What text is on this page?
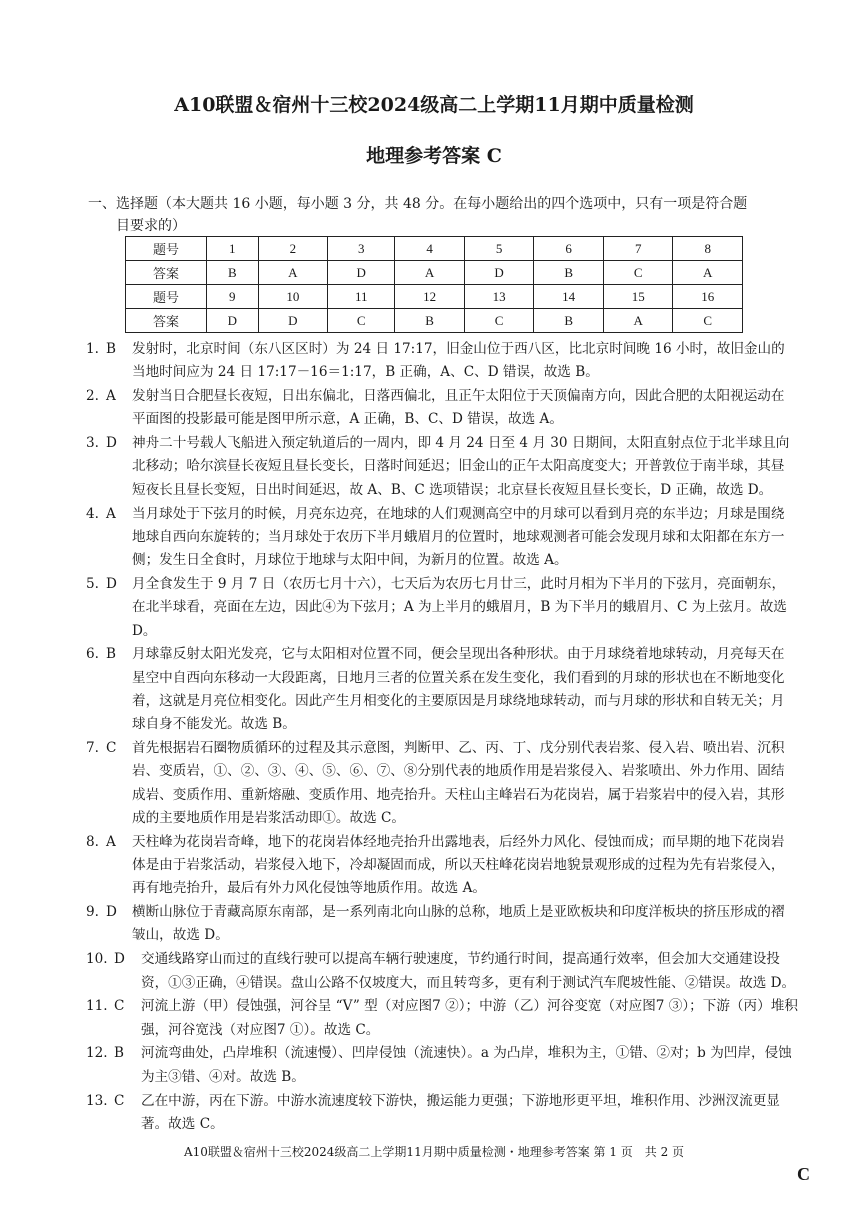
A10联盟＆宿州十三校2024级高二上学期11月期中质量检测
地理参考答案 C
一、选择题（本大题共 16 小题，每小题 3 分，共 48 分。在每小题给出的四个选项中，只有一项是符合题
目要求的）
题号	1	2	3	4	5	6	7	8
答案	B	A	D	A	D	B	C	A
题号	9	10	11	12	13	14	15	16
答案	D	D	C	B	C	B	A	C
1. B 发射时，北京时间（东八区区时）为 24 日 17:17，旧金山位于西八区，比北京时间晚 16 小时，故旧金山的当地时间应为 24 日 17:17－16＝1:17，B 正确，A、C、D 错误，故选 B。
2. A 发射当日合肥昼长夜短，日出东偏北，日落西偏北，且正午太阳位于天顶偏南方向，因此合肥的太阳视运动在平面图的投影最可能是图甲所示意，A 正确，B、C、D 错误，故选 A。
3. D 神舟二十号载人飞船进入预定轨道后的一周内，即 4 月 24 日至 4 月 30 日期间，太阳直射点位于北半球且向北移动；哈尔滨昼长夜短且昼长变长，日落时间延迟；旧金山的正午太阳高度变大；开普敦位于南半球，其昼短夜长且昼长变短，日出时间延迟，故 A、B、C 选项错误；北京昼长夜短且昼长变长，D 正确，故选 D。
4. A 当月球处于下弦月的时候，月亮东边亮，在地球的人们观测高空中的月球可以看到月亮的东半边；月球是围绕地球自西向东旋转的；当月球处于农历下半月蛾眉月的位置时，地球观测者可能会发现月球和太阳都在东方一侧；发生日全食时，月球位于地球与太阳中间，为新月的位置。故选 A。
5. D 月全食发生于 9 月 7 日（农历七月十六），七天后为农历七月廿三，此时月相为下半月的下弦月，亮面朝东，在北半球看，亮面在左边，因此④为下弦月；A 为上半月的蛾眉月，B 为下半月的蛾眉月、C 为上弦月。故选 D。
6. B 月球靠反射太阳光发亮，它与太阳相对位置不同，便会呈现出各种形状。由于月球绕着地球转动，月亮每天在星空中自西向东移动一大段距离，日地月三者的位置关系在发生变化，我们看到的月球的形状也在不断地变化着，这就是月亮位相变化。因此产生月相变化的主要原因是月球绕地球转动，而与月球的形状和自转无关；月球自身不能发光。故选 B。
7. C 首先根据岩石圈物质循环的过程及其示意图，判断甲、乙、丙、丁、戊分别代表岩浆、侵入岩、喷出岩、沉积岩、变质岩，①、②、③、④、⑤、⑥、⑦、⑧分别代表的地质作用是岩浆侵入、岩浆喷出、外力作用、固结成岩、变质作用、重新熔融、变质作用、地壳抬升。天柱山主峰岩石为花岗岩，属于岩浆岩中的侵入岩，其形成的主要地质作用是岩浆活动即①。故选 C。
8. A 天柱峰为花岗岩奇峰，地下的花岗岩体经地壳抬升出露地表，后经外力风化、侵蚀而成；而早期的地下花岗岩体是由于岩浆活动，岩浆侵入地下，冷却凝固而成，所以天柱峰花岗岩地貌景观形成的过程为先有岩浆侵入，再有地壳抬升，最后有外力风化侵蚀等地质作用。故选 A。
9. D 横断山脉位于青藏高原东南部，是一系列南北向山脉的总称，地质上是亚欧板块和印度洋板块的挤压形成的褶皱山，故选 D。
10. D 交通线路穿山而过的直线行驶可以提高车辆行驶速度，节约通行时间，提高通行效率，但会加大交通建设投资，①③正确，④错误。盘山公路不仅坡度大，而且转弯多，更有利于测试汽车爬坡性能、②错误。故选 D。
11. C 河流上游（甲）侵蚀强，河谷呈 “V” 型（对应图7 ②）；中游（乙）河谷变宽（对应图7 ③）；下游（丙）堆积强，河谷宽浅（对应图7 ①）。故选 C。
12. B 河流弯曲处，凸岸堆积（流速慢）、凹岸侵蚀（流速快）。a 为凸岸，堆积为主，①错、②对；b 为凹岸，侵蚀为主③错、④对。故选 B。
13. C 乙在中游，丙在下游。中游水流速度较下游快，搬运能力更强；下游地形更平坦，堆积作用、沙洲汊流更显著。故选 C。
A10联盟＆宿州十三校2024级高二上学期11月期中质量检测・地理参考答案 第 1 页　共 2 页
C
